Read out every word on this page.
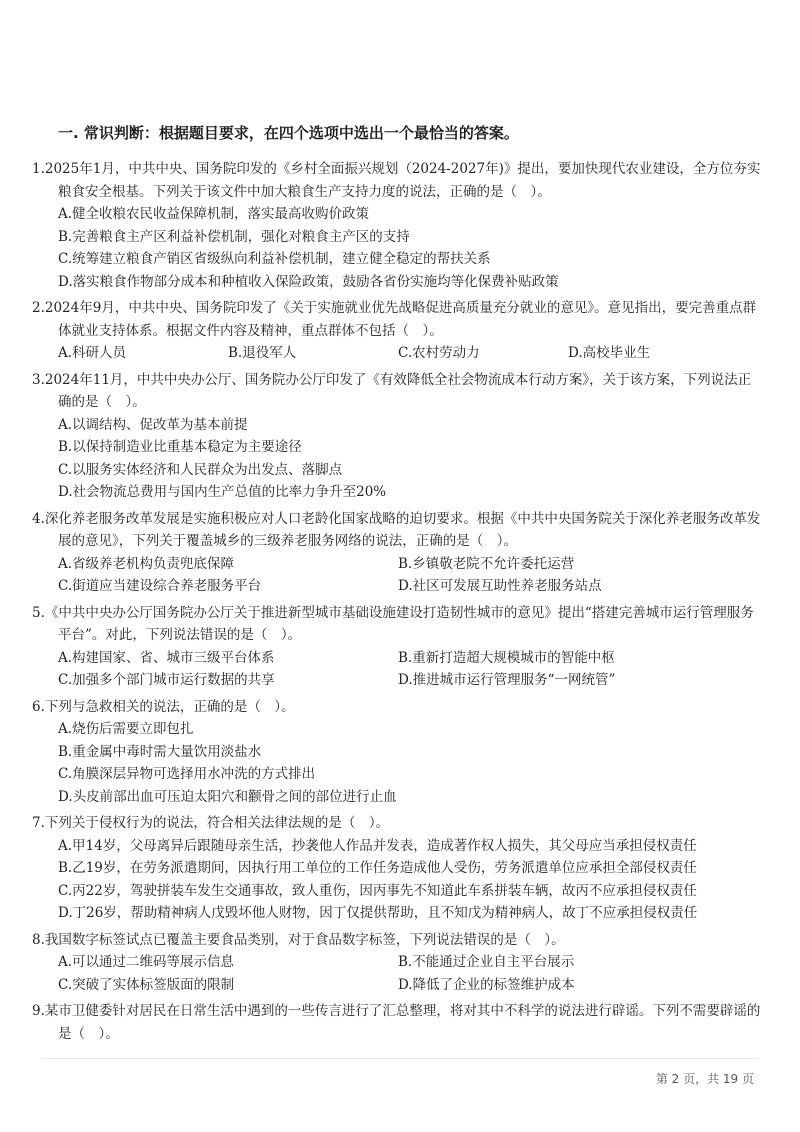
一. 常识判断：根据题目要求，在四个选项中选出一个最恰当的答案。
1.2025年1月，中共中央、国务院印发的《乡村全面振兴规划（2024-2027年)》提出，要加快现代农业建设，全方位夯实粮食安全根基。下列关于该文件中加大粮食生产支持力度的说法，正确的是（　）。
A.健全收粮农民收益保障机制，落实最高收购价政策
B.完善粮食主产区利益补偿机制，强化对粮食主产区的支持
C.统筹建立粮食产销区省级纵向利益补偿机制，建立健全稳定的帮扶关系
D.落实粮食作物部分成本和种植收入保险政策，鼓励各省份实施均等化保费补贴政策
2.2024年9月，中共中央、国务院印发了《关于实施就业优先战略促进高质量充分就业的意见》。意见指出，要完善重点群体就业支持体系。根据文件内容及精神，重点群体不包括（　）。
A.科研人员	B.退役军人	C.农村劳动力	D.高校毕业生
3.2024年11月，中共中央办公厅、国务院办公厅印发了《有效降低全社会物流成本行动方案》，关于该方案，下列说法正确的是（　）。
A.以调结构、促改革为基本前提
B.以保持制造业比重基本稳定为主要途径
C.以服务实体经济和人民群众为出发点、落脚点
D.社会物流总费用与国内生产总值的比率力争升至20%
4.深化养老服务改革发展是实施积极应对人口老龄化国家战略的迫切要求。根据《中共中央国务院关于深化养老服务改革发展的意见》，下列关于覆盖城乡的三级养老服务网络的说法，正确的是（　）。
A.省级养老机构负责兜底保障	B.乡镇敬老院不允许委托运营
C.街道应当建设综合养老服务平台	D.社区可发展互助性养老服务站点
5.《中共中央办公厅国务院办公厅关于推进新型城市基础设施建设打造韧性城市的意见》提出“搭建完善城市运行管理服务平台”。对此，下列说法错误的是（　）。
A.构建国家、省、城市三级平台体系	B.重新打造超大规模城市的智能中枢
C.加强多个部门城市运行数据的共享	D.推进城市运行管理服务“一网统管”
6.下列与急救相关的说法，正确的是（　）。
A.烧伤后需要立即包扎
B.重金属中毒时需大量饮用淡盐水
C.角膜深层异物可选择用水冲洗的方式排出
D.头皮前部出血可压迫太阳穴和颧骨之间的部位进行止血
7.下列关于侵权行为的说法，符合相关法律法规的是（　）。
A.甲14岁，父母离异后跟随母亲生活，抄袭他人作品并发表，造成著作权人损失，其父母应当承担侵权责任
B.乙19岁，在劳务派遣期间，因执行用工单位的工作任务造成他人受伤，劳务派遣单位应承担全部侵权责任
C.丙22岁，驾驶拼装车发生交通事故，致人重伤，因丙事先不知道此车系拼装车辆，故丙不应承担侵权责任
D.丁26岁，帮助精神病人戊毁坏他人财物，因丁仅提供帮助，且不知戊为精神病人，故丁不应承担侵权责任
8.我国数字标签试点已覆盖主要食品类别，对于食品数字标签，下列说法错误的是（　）。
A.可以通过二维码等展示信息	B.不能通过企业自主平台展示
C.突破了实体标签版面的限制	D.降低了企业的标签维护成本
9.某市卫健委针对居民在日常生活中遇到的一些传言进行了汇总整理，将对其中不科学的说法进行辟谣。下列不需要辟谣的是（　）。
第 2 页，共 19 页
